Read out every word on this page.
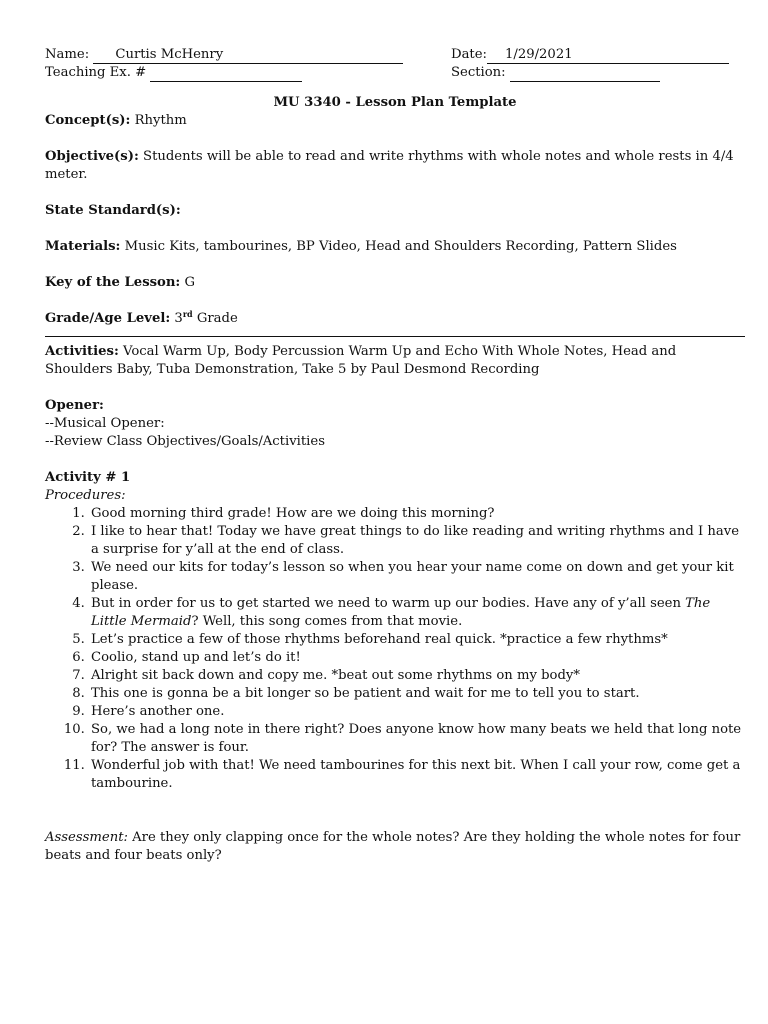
Name: Curtis McHenry	Date: 1/29/2021
Teaching Ex. #	Section:
MU 3340 - Lesson Plan Template
Concept(s): Rhythm
Objective(s): Students will be able to read and write rhythms with whole notes and whole rests in 4/4 meter.
State Standard(s):
Materials: Music Kits, tambourines, BP Video, Head and Shoulders Recording, Pattern Slides
Key of the Lesson: G
Grade/Age Level: 3rd Grade
Activities: Vocal Warm Up, Body Percussion Warm Up and Echo With Whole Notes, Head and Shoulders Baby, Tuba Demonstration, Take 5 by Paul Desmond Recording
Opener:
--Musical Opener:
--Review Class Objectives/Goals/Activities
Activity # 1
Procedures:
1. Good morning third grade! How are we doing this morning?
2. I like to hear that! Today we have great things to do like reading and writing rhythms and I have a surprise for y’all at the end of class.
3. We need our kits for today’s lesson so when you hear your name come on down and get your kit please.
4. But in order for us to get started we need to warm up our bodies. Have any of y’all seen The Little Mermaid? Well, this song comes from that movie.
5. Let’s practice a few of those rhythms beforehand real quick. *practice a few rhythms*
6. Coolio, stand up and let’s do it!
7. Alright sit back down and copy me. *beat out some rhythms on my body*
8. This one is gonna be a bit longer so be patient and wait for me to tell you to start.
9. Here’s another one.
10. So, we had a long note in there right? Does anyone know how many beats we held that long note for? The answer is four.
11. Wonderful job with that! We need tambourines for this next bit. When I call your row, come get a tambourine.
Assessment: Are they only clapping once for the whole notes? Are they holding the whole notes for four beats and four beats only?
